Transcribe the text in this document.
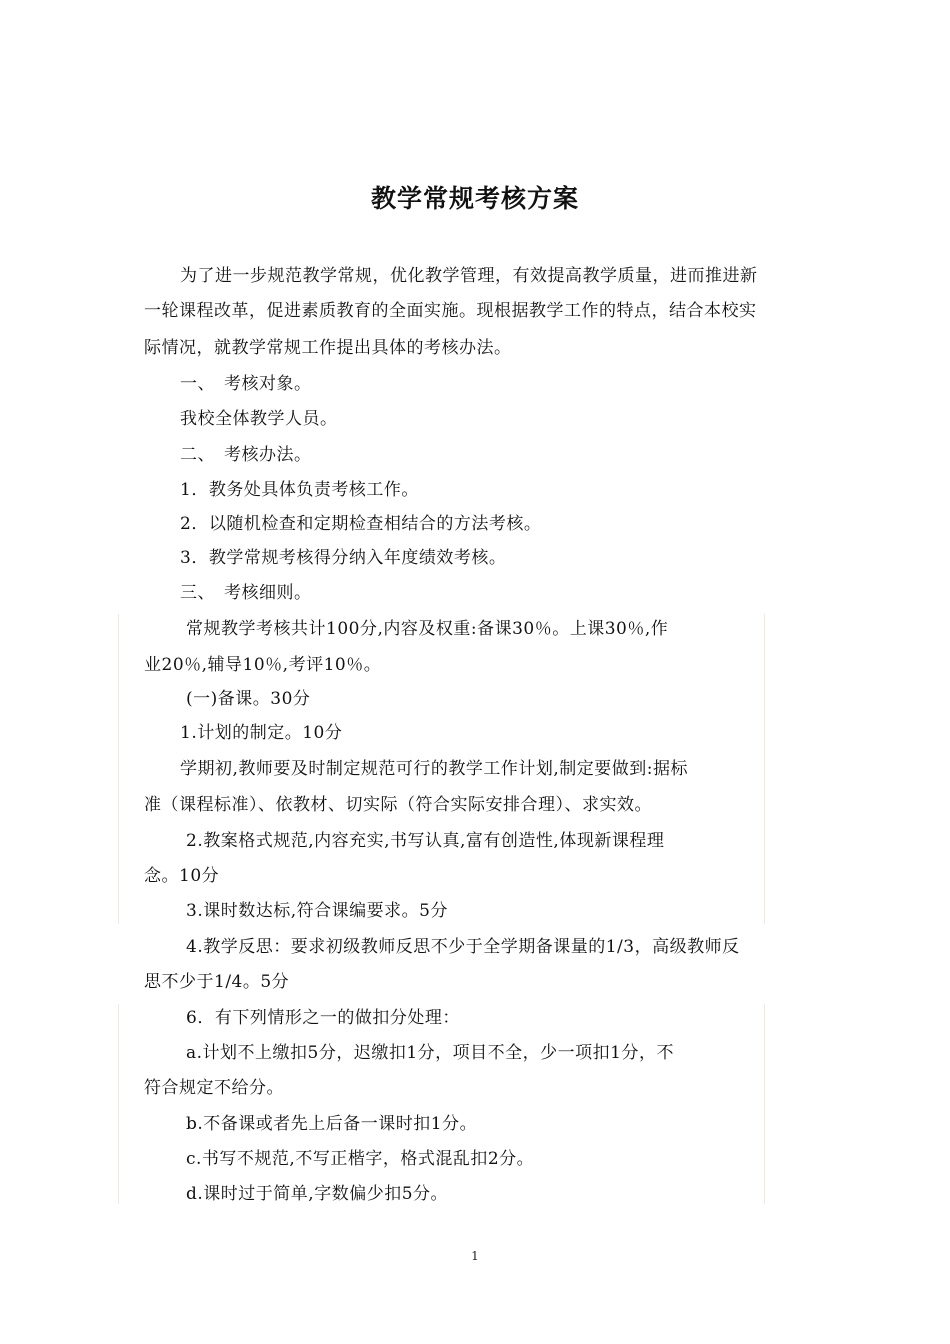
教学常规考核方案
为了进一步规范教学常规，优化教学管理，有效提高教学质量，进而推进新
一轮课程改革，促进素质教育的全面实施。现根据教学工作的特点，结合本校实
际情况，就教学常规工作提出具体的考核办法。
一、　考核对象。
我校全体教学人员。
二、　考核办法。
1．教务处具体负责考核工作。
2．以随机检查和定期检查相结合的方法考核。
3．教学常规考核得分纳入年度绩效考核。
三、　考核细则。
常规教学考核共计100分,内容及权重:备课30％。上课30％,作
业20％,辅导10％,考评10％。
(一)备课。30分
1.计划的制定。10分
学期初,教师要及时制定规范可行的教学工作计划,制定要做到:据标
准（课程标准）、依教材、切实际（符合实际安排合理）、求实效。
2.教案格式规范,内容充实,书写认真,富有创造性,体现新课程理
念。10分
3.课时数达标,符合课编要求。5分
4.教学反思：要求初级教师反思不少于全学期备课量的1/3，高级教师反
思不少于1/4。5分
6．有下列情形之一的做扣分处理：
a.计划不上缴扣5分，迟缴扣1分，项目不全，少一项扣1分，不
符合规定不给分。
b.不备课或者先上后备一课时扣1分。
c.书写不规范,不写正楷字，格式混乱扣2分。
d.课时过于简单,字数偏少扣5分。
1
